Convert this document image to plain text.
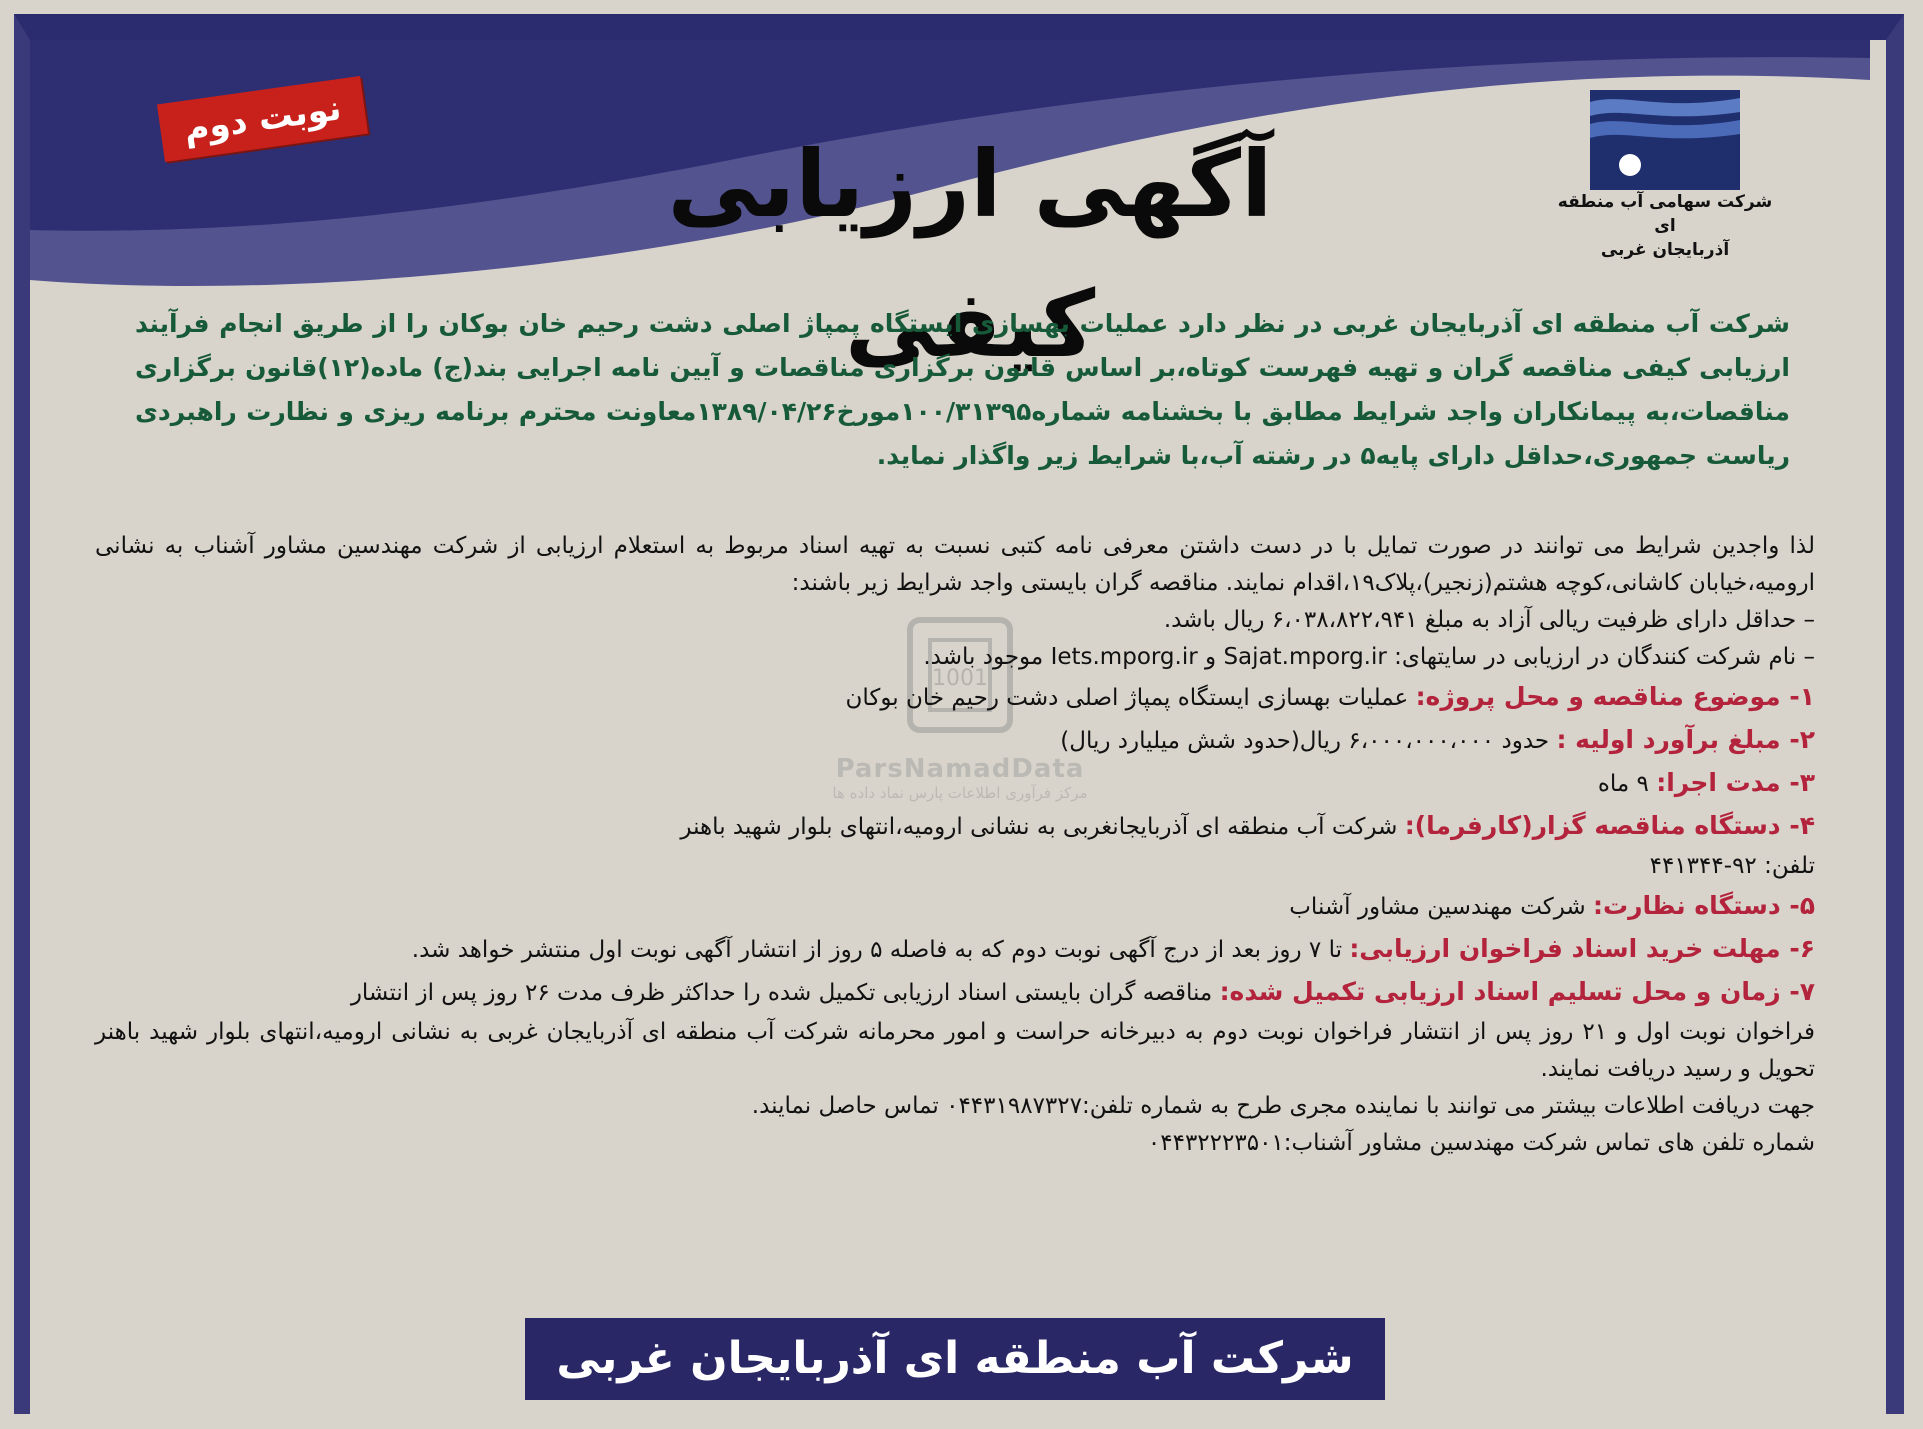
شرکت سهامی آب منطقه ای
آذربایجان غربی
نوبت دوم
آگهی ارزیابی کیفی
شرکت آب منطقه ای آذربایجان غربی در نظر دارد عملیات بهسازی ایستگاه پمپاژ اصلی دشت رحیم خان بوکان را از طریق انجام فرآیند ارزیابی کیفی مناقصه گران و تهیه فهرست کوتاه،بر اساس قانون برگزاری مناقصات و آیین نامه اجرایی بند(ج) ماده(۱۲)قانون برگزاری مناقصات،به پیمانکاران واجد شرایط مطابق با بخشنامه شماره۱۰۰/۳۱۳۹۵مورخ۱۳۸۹/۰۴/۲۶معاونت محترم برنامه ریزی و نظارت راهبردی ریاست جمهوری،حداقل دارای پایه۵ در رشته آب،با شرایط زیر واگذار نماید.
1001
ParsNamadData
مرکز فرآوری اطلاعات پارس نماد داده ها
لذا واجدین شرایط می توانند در صورت تمایل با در دست داشتن معرفی نامه کتبی نسبت به تهیه اسناد مربوط به استعلام ارزیابی از شرکت مهندسین مشاور آشناب به نشانی ارومیه،خیابان کاشانی،کوچه هشتم(زنجیر)،پلاک۱۹،اقدام نمایند. مناقصه گران بایستی واجد شرایط زیر باشند:
– حداقل دارای ظرفیت ریالی آزاد به مبلغ ۶،۰۳۸،۸۲۲،۹۴۱ ریال باشد.
– نام شرکت کنندگان در ارزیابی در سایتهای: Sajat.mporg.ir و Iets.mporg.ir موجود باشد.
۱- موضوع مناقصه و محل پروژه: عملیات بهسازی ایستگاه پمپاژ اصلی دشت رحیم خان بوکان
۲- مبلغ برآورد اولیه : حدود ۶،۰۰۰،۰۰۰،۰۰۰ ریال(حدود شش میلیارد ریال)
۳- مدت اجرا: ۹ ماه
۴- دستگاه مناقصه گزار(کارفرما): شرکت آب منطقه ای آذربایجانغربی به نشانی ارومیه،انتهای بلوار شهید باهنر
تلفن: ۹۲-۴۴۱۳۴۴
۵- دستگاه نظارت: شرکت مهندسین مشاور آشناب
۶- مهلت خرید اسناد فراخوان ارزیابی: تا ۷ روز بعد از درج آگهی نوبت دوم که به فاصله ۵ روز از انتشار آگهی نوبت اول منتشر خواهد شد.
۷- زمان و محل تسلیم اسناد ارزیابی تکمیل شده: مناقصه گران بایستی اسناد ارزیابی تکمیل شده را حداکثر ظرف مدت ۲۶ روز پس از انتشار
فراخوان نوبت اول و ۲۱ روز پس از انتشار فراخوان نوبت دوم به دبیرخانه حراست و امور محرمانه شرکت آب منطقه ای آذربایجان غربی به نشانی ارومیه،انتهای بلوار شهید باهنر تحویل و رسید دریافت نمایند.
جهت دریافت اطلاعات بیشتر می توانند با نماینده مجری طرح به شماره تلفن:۰۴۴۳۱۹۸۷۳۲۷ تماس حاصل نمایند.
شماره تلفن های تماس شرکت مهندسین مشاور آشناب:۰۴۴۳۲۲۲۳۵۰۱
شرکت آب منطقه ای آذربایجان غربی
